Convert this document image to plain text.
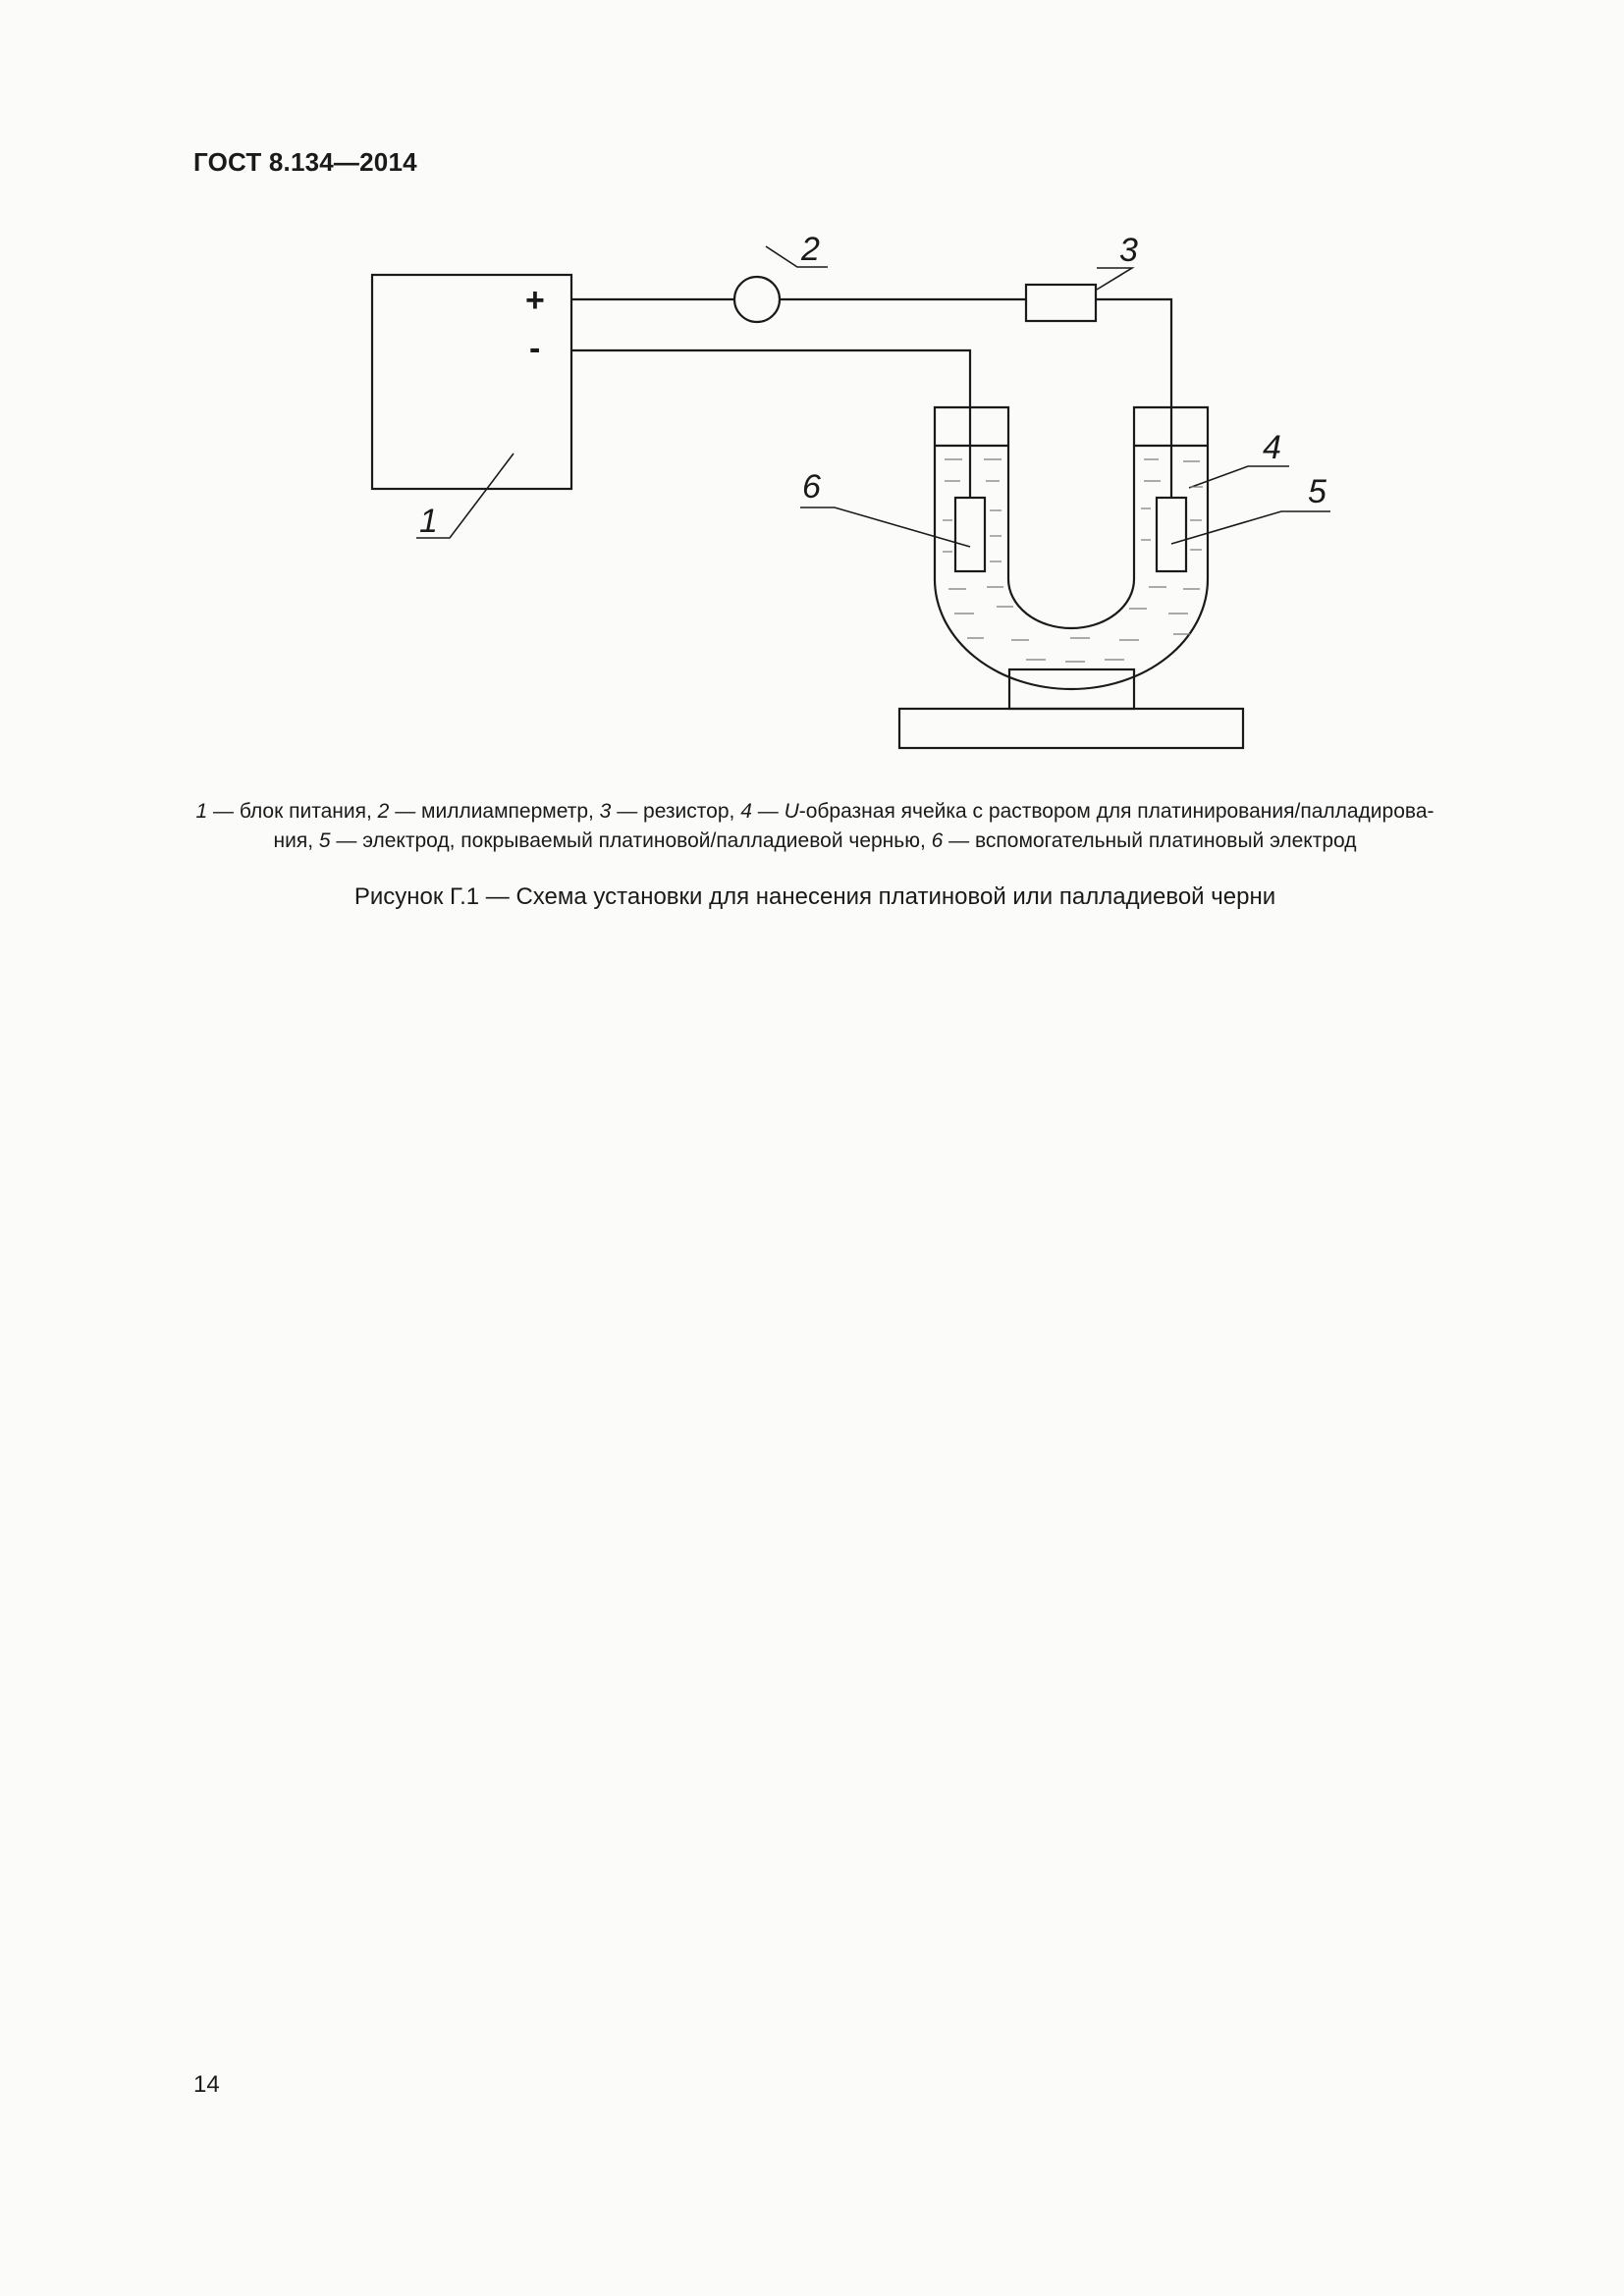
ГОСТ 8.134—2014
+
-
1
2	3
4
5
6
1 — блок питания, 2 — миллиамперметр, 3 — резистор, 4 — U-образная ячейка с раствором для платинирования/палладирова-ния, 5 — электрод, покрываемый платиновой/палладиевой чернью, 6 — вспомогательный платиновый электрод
Рисунок Г.1 — Схема установки для нанесения платиновой или палладиевой черни
14
